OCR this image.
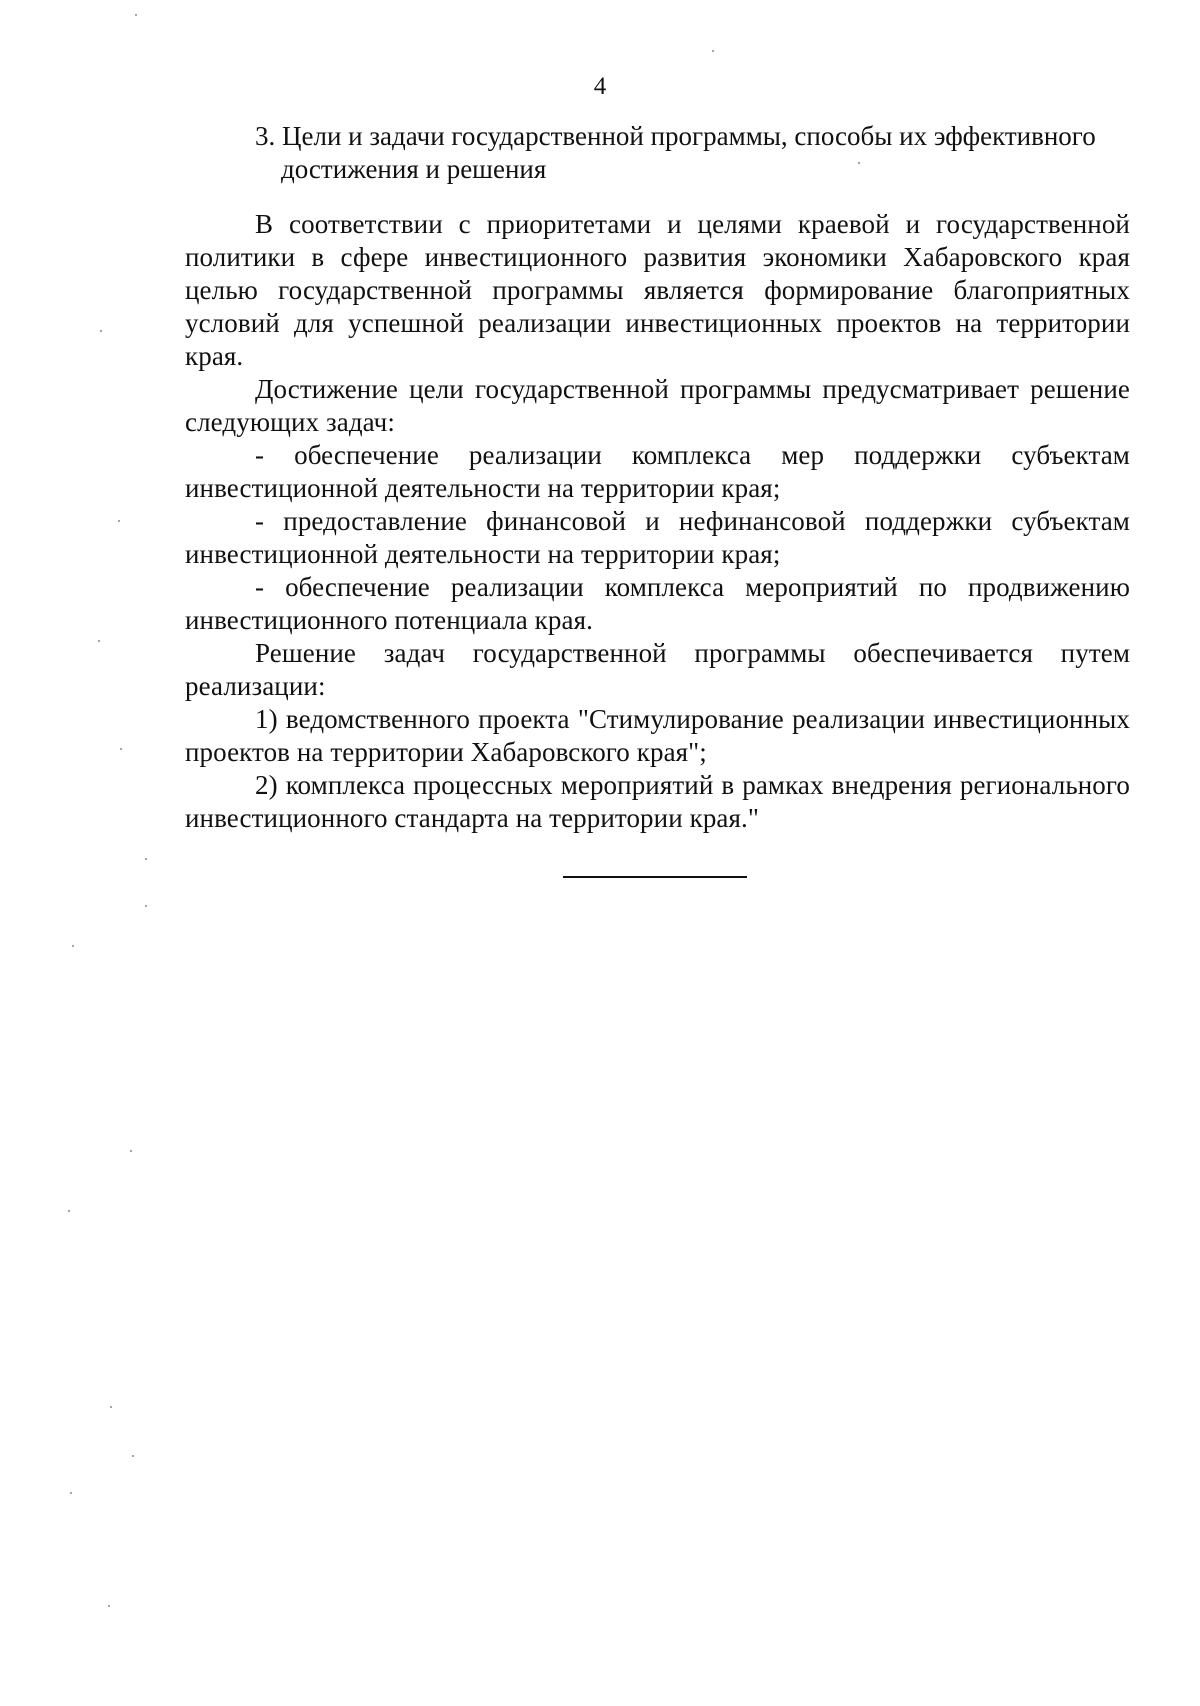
4
3. Цели и задачи государственной программы, способы их эффективного
достижения и решения

В соответствии с приоритетами и целями краевой и государственной политики в сфере инвестиционного развития экономики Хабаровского края целью государственной программы является формирование благоприятных условий для успешной реализации инвестиционных проектов на территории края.

Достижение цели государственной программы предусматривает решение следующих задач:

- обеспечение реализации комплекса мер поддержки субъектам инвестиционной деятельности на территории края;

- предоставление финансовой и нефинансовой поддержки субъектам инвестиционной деятельности на территории края;

- обеспечение реализации комплекса мероприятий по продвижению инвестиционного потенциала края.

Решение задач государственной программы обеспечивается путем реализации:

1) ведомственного проекта "Стимулирование реализации инвестиционных проектов на территории Хабаровского края";

2) комплекса процессных мероприятий в рамках внедрения регионального инвестиционного стандарта на территории края."
